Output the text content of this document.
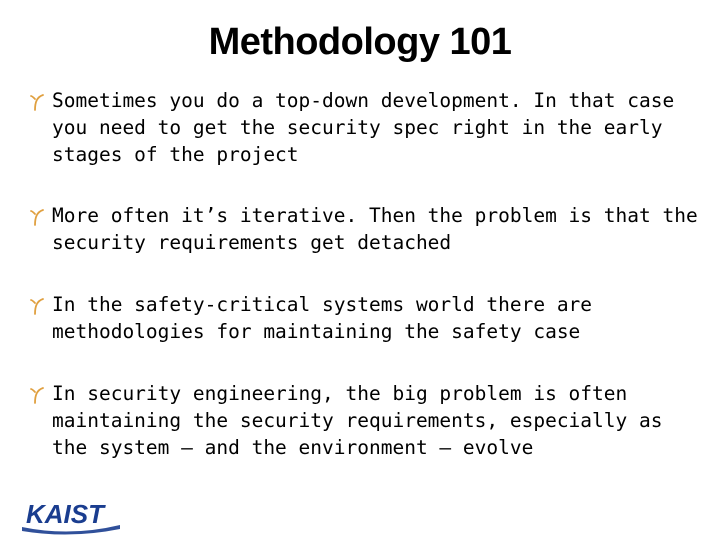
Methodology 101
Sometimes you do a top-down development. In that case you need to get the security spec right in the early stages of the project
More often it’s iterative. Then the problem is that the security requirements get detached
In the safety-critical systems world there are methodologies for maintaining the safety case
In security engineering, the big problem is often maintaining the security requirements, especially as the system – and the environment – evolve
KAIST
